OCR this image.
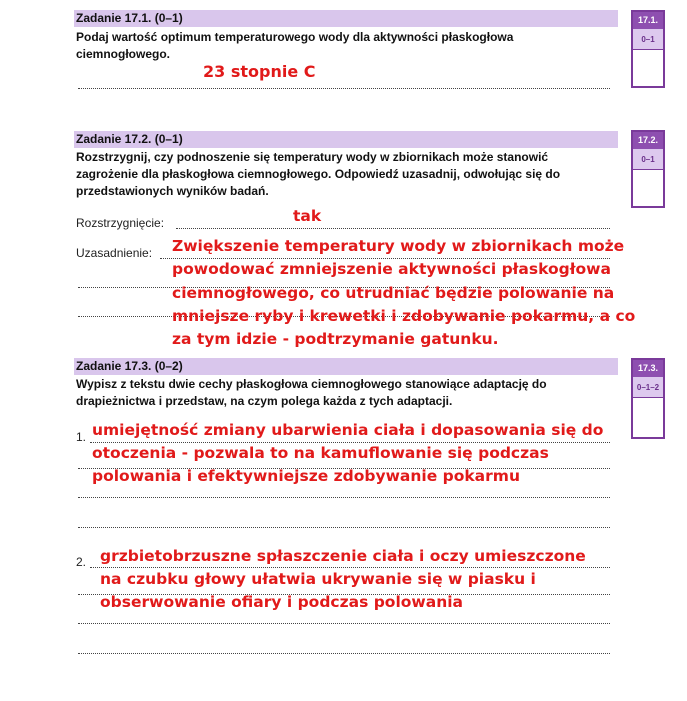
Zadanie 17.1. (0–1)
Podaj wartość optimum temperaturowego wody dla aktywności płaskogłowa ciemnogłowego.
23 stopnie C
17.1.
0–1
Zadanie 17.2. (0–1)
Rozstrzygnij, czy podnoszenie się temperatury wody w zbiornikach może stanowić zagrożenie dla płaskogłowa ciemnogłowego. Odpowiedź uzasadnij, odwołując się do przedstawionych wyników badań.
Rozstrzygnięcie:	tak
Uzasadnienie: Zwiększenie temperatury wody w zbiornikach może
powodować zmniejszenie aktywności płaskogłowa
ciemnogłowego, co utrudniać będzie polowanie na
mniejsze ryby i krewetki i zdobywanie pokarmu, a co
za tym idzie - podtrzymanie gatunku.
17.2.
0–1
Zadanie 17.3. (0–2)
Wypisz z tekstu dwie cechy płaskogłowa ciemnogłowego stanowiące adaptację do drapieżnictwa i przedstaw, na czym polega każda z tych adaptacji.
1. umiejętność zmiany ubarwienia ciała i dopasowania się do
otoczenia - pozwala to na kamuflowanie się podczas
polowania i efektywniejsze zdobywanie pokarmu
2. grzbietobrzuszne spłaszczenie ciała i oczy umieszczone
na czubku głowy ułatwia ukrywanie się w piasku i
obserwowanie ofiary i podczas polowania
17.3.
0–1–2
